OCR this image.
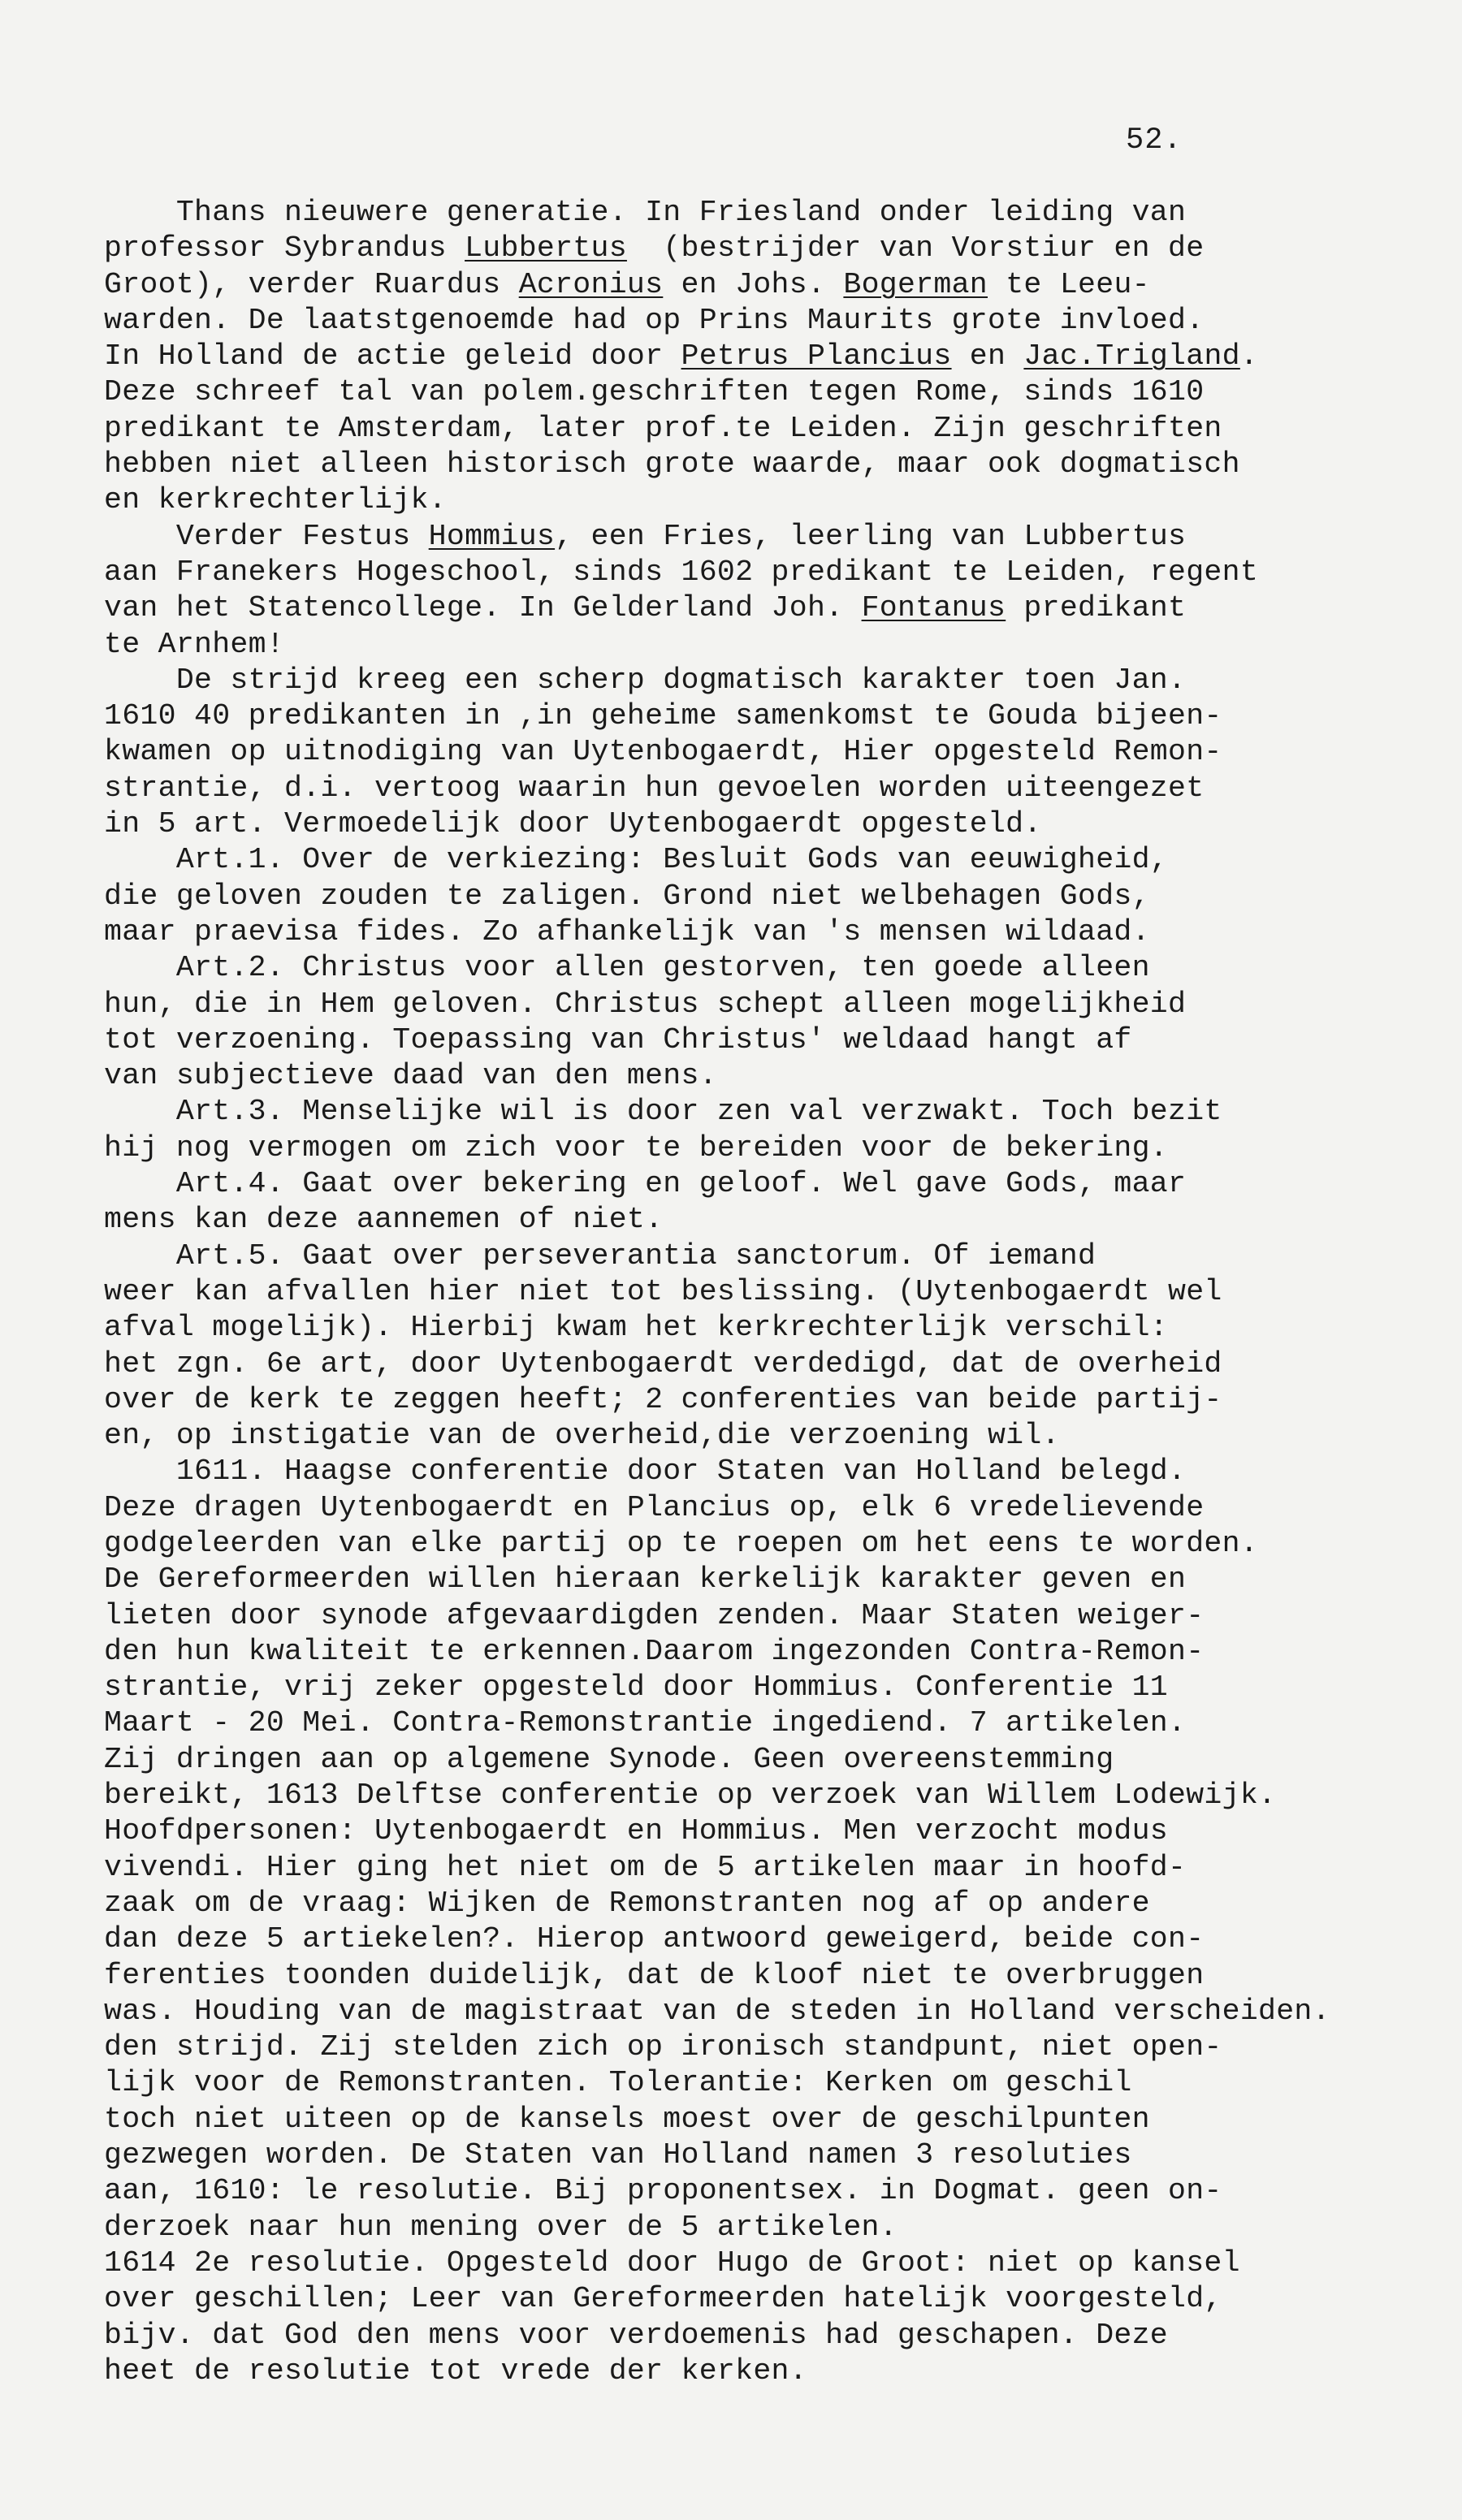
52.
Thans nieuwere generatie. In Friesland onder leiding van
professor Sybrandus Lubbertus  (bestrijder van Vorstiur en de
Groot), verder Ruardus Acronius en Johs. Bogerman te Leeu-
warden. De laatstgenoemde had op Prins Maurits grote invloed.
In Holland de actie geleid door Petrus Plancius en Jac.Trigland.
Deze schreef tal van polem.geschriften tegen Rome, sinds 1610
predikant te Amsterdam, later prof.te Leiden. Zijn geschriften
hebben niet alleen historisch grote waarde, maar ook dogmatisch
en kerkrechterlijk.
Verder Festus Hommius, een Fries, leerling van Lubbertus
aan Franekers Hogeschool, sinds 1602 predikant te Leiden, regent
van het Statencollege. In Gelderland Joh. Fontanus predikant
te Arnhem!
De strijd kreeg een scherp dogmatisch karakter toen Jan.
1610 40 predikanten in ,in geheime samenkomst te Gouda bijeen-
kwamen op uitnodiging van Uytenbogaerdt, Hier opgesteld Remon-
strantie, d.i. vertoog waarin hun gevoelen worden uiteengezet
in 5 art. Vermoedelijk door Uytenbogaerdt opgesteld.
Art.1. Over de verkiezing: Besluit Gods van eeuwigheid,
die geloven zouden te zaligen. Grond niet welbehagen Gods,
maar praevisa fides. Zo afhankelijk van 's mensen wildaad.
Art.2. Christus voor allen gestorven, ten goede alleen
hun, die in Hem geloven. Christus schept alleen mogelijkheid
tot verzoening. Toepassing van Christus' weldaad hangt af
van subjectieve daad van den mens.
Art.3. Menselijke wil is door zen val verzwakt. Toch bezit
hij nog vermogen om zich voor te bereiden voor de bekering.
Art.4. Gaat over bekering en geloof. Wel gave Gods, maar
mens kan deze aannemen of niet.
Art.5. Gaat over perseverantia sanctorum. Of iemand
weer kan afvallen hier niet tot beslissing. (Uytenbogaerdt wel
afval mogelijk). Hierbij kwam het kerkrechterlijk verschil:
het zgn. 6e art, door Uytenbogaerdt verdedigd, dat de overheid
over de kerk te zeggen heeft; 2 conferenties van beide partij-
en, op instigatie van de overheid,die verzoening wil.
1611. Haagse conferentie door Staten van Holland belegd.
Deze dragen Uytenbogaerdt en Plancius op, elk 6 vredelievende
godgeleerden van elke partij op te roepen om het eens te worden.
De Gereformeerden willen hieraan kerkelijk karakter geven en
lieten door synode afgevaardigden zenden. Maar Staten weiger-
den hun kwaliteit te erkennen.Daarom ingezonden Contra-Remon-
strantie, vrij zeker opgesteld door Hommius. Conferentie 11
Maart - 20 Mei. Contra-Remonstrantie ingediend. 7 artikelen.
Zij dringen aan op algemene Synode. Geen overeenstemming
bereikt, 1613 Delftse conferentie op verzoek van Willem Lodewijk.
Hoofdpersonen: Uytenbogaerdt en Hommius. Men verzocht modus
vivendi. Hier ging het niet om de 5 artikelen maar in hoofd-
zaak om de vraag: Wijken de Remonstranten nog af op andere
dan deze 5 artiekelen?. Hierop antwoord geweigerd, beide con-
ferenties toonden duidelijk, dat de kloof niet te overbruggen
was. Houding van de magistraat van de steden in Holland verscheiden.
den strijd. Zij stelden zich op ironisch standpunt, niet open-
lijk voor de Remonstranten. Tolerantie: Kerken om geschil
toch niet uiteen op de kansels moest over de geschilpunten
gezwegen worden. De Staten van Holland namen 3 resoluties
aan, 1610: le resolutie. Bij proponentsex. in Dogmat. geen on-
derzoek naar hun mening over de 5 artikelen.
1614 2e resolutie. Opgesteld door Hugo de Groot: niet op kansel
over geschillen; Leer van Gereformeerden hatelijk voorgesteld,
bijv. dat God den mens voor verdoemenis had geschapen. Deze
heet de resolutie tot vrede der kerken.
